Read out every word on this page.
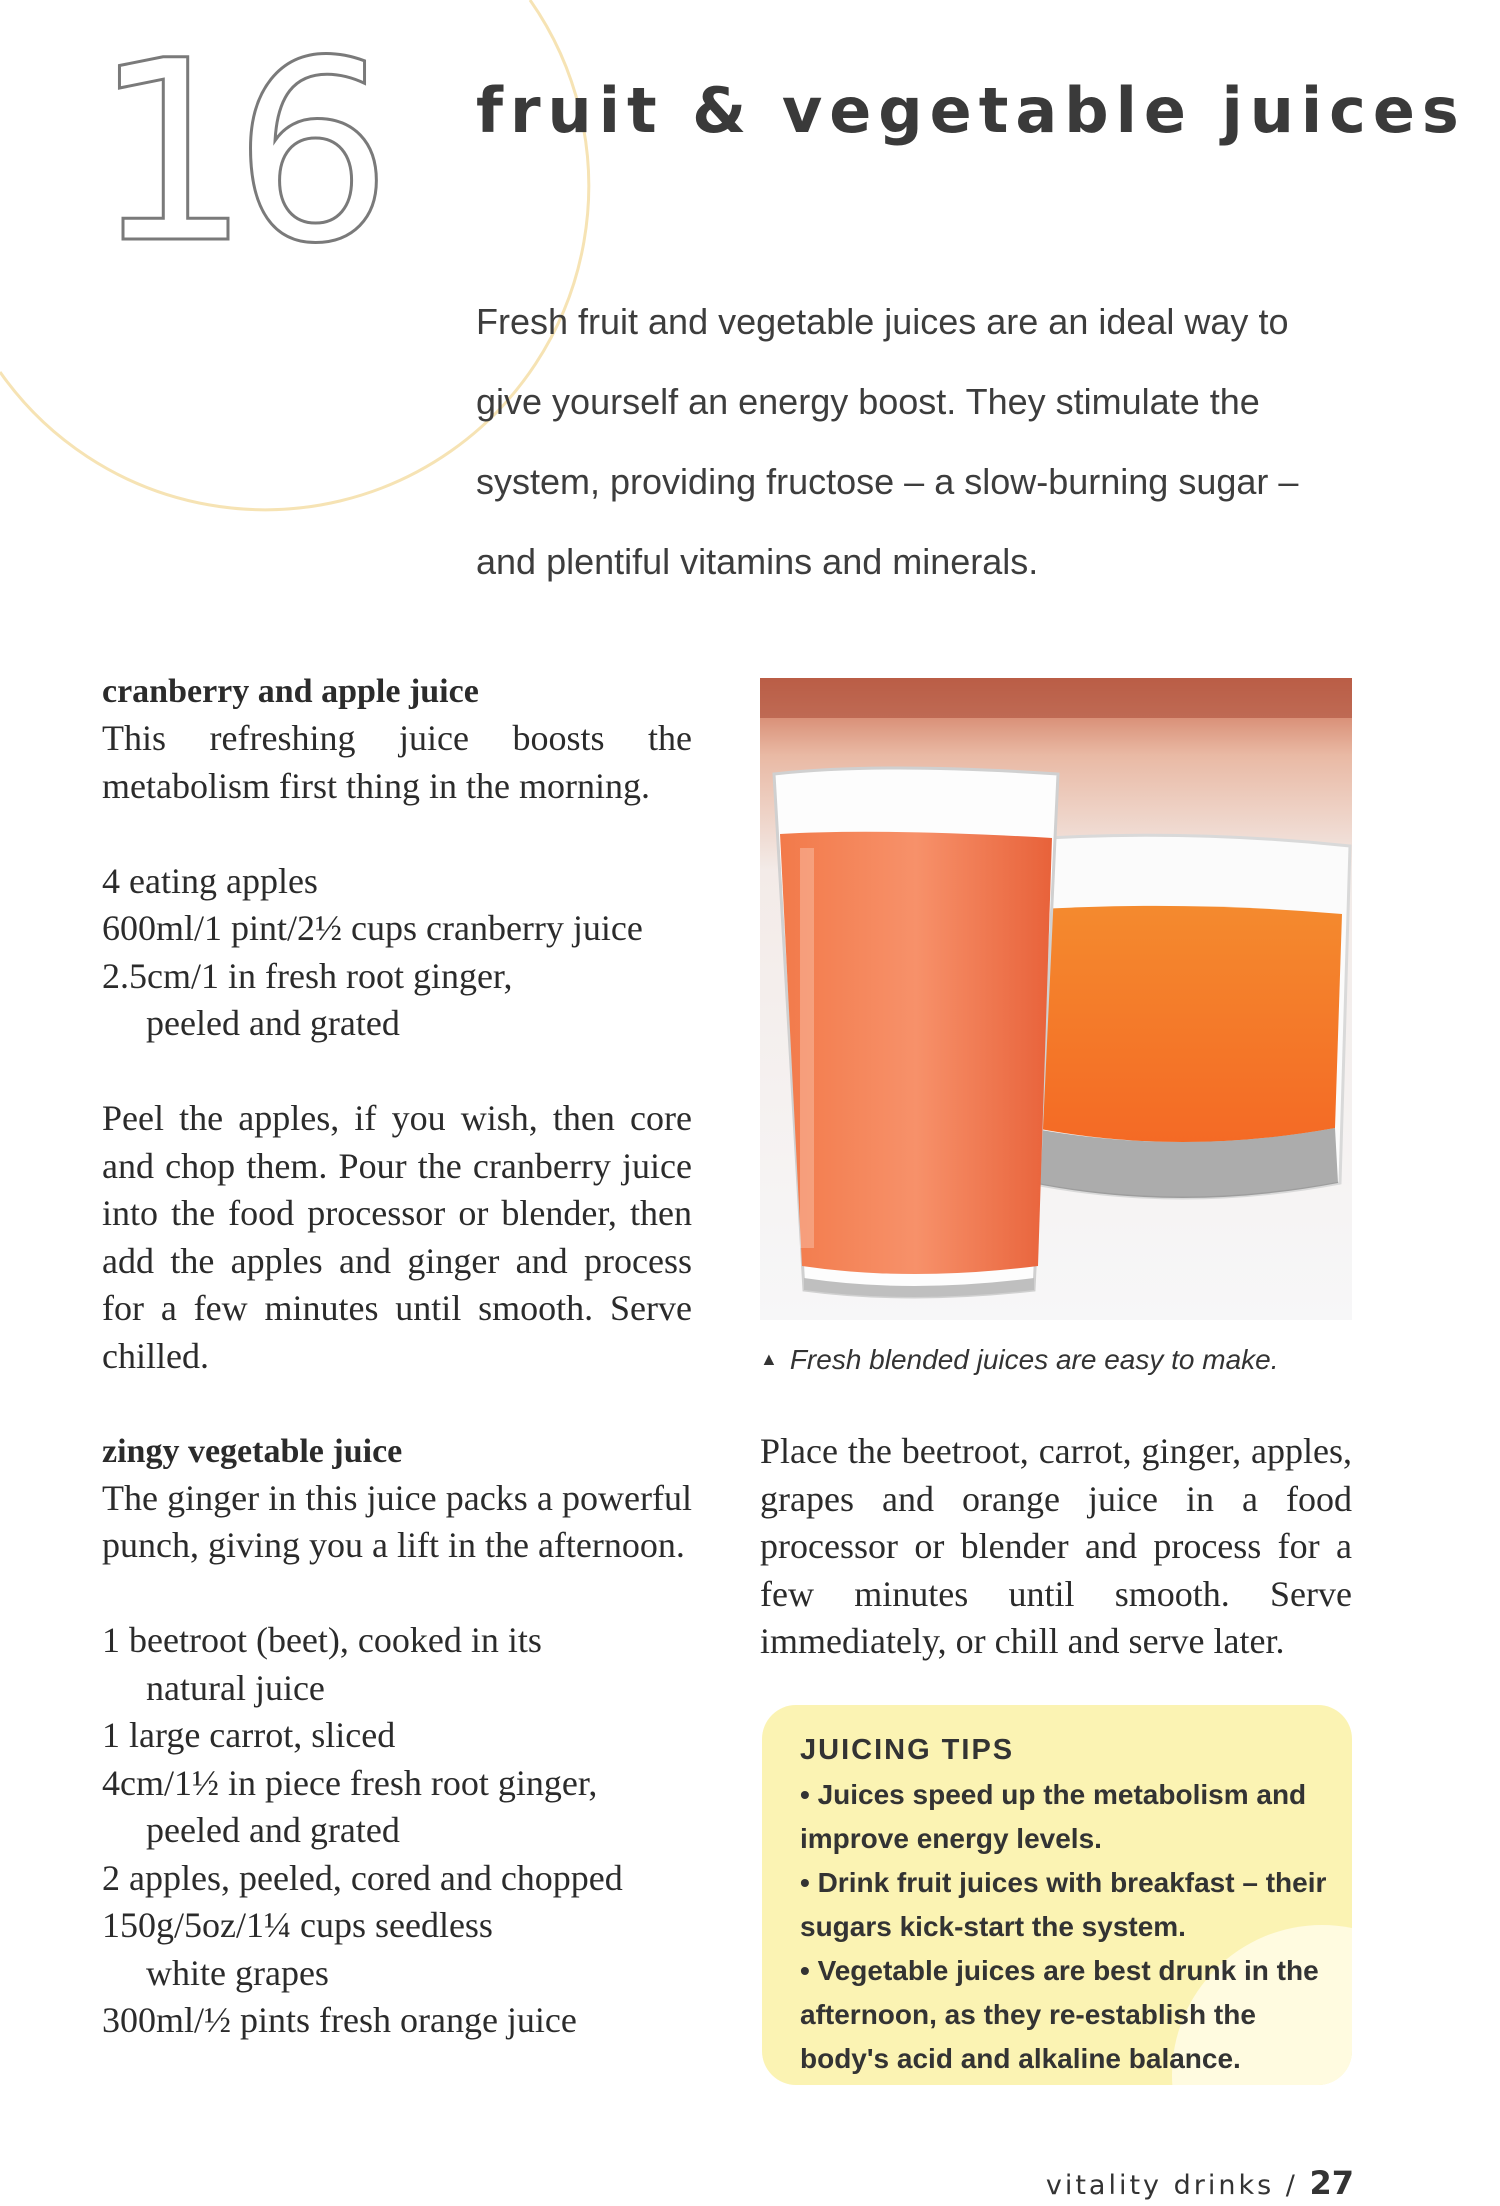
16 fruit & vegetable juices
Fresh fruit and vegetable juices are an ideal way to give yourself an energy boost. They stimulate the system, providing fructose – a slow-burning sugar – and plentiful vitamins and minerals.
cranberry and apple juice

This refreshing juice boosts the metabolism first thing in the morning.

4 eating apples
600ml/1 pint/2½ cups cranberry juice
2.5cm/1 in fresh root ginger,
peeled and grated

Peel the apples, if you wish, then core and chop them. Pour the cranberry juice into the food processor or blender, then add the apples and ginger and process for a few minutes until smooth. Serve chilled.

zingy vegetable juice

The ginger in this juice packs a powerful punch, giving you a lift in the afternoon.

1 beetroot (beet), cooked in its
natural juice
1 large carrot, sliced
4cm/1½ in piece fresh root ginger,
peeled and grated
2 apples, peeled, cored and chopped
150g/5oz/1¼ cups seedless
white grapes
300ml/½ pints fresh orange juice
▲ Fresh blended juices are easy to make.

Place the beetroot, carrot, ginger, apples, grapes and orange juice in a food processor or blender and process for a few minutes until smooth. Serve immediately, or chill and serve later.

JUICING TIPS

• Juices speed up the metabolism and improve energy levels.

• Drink fruit juices with breakfast – their sugars kick-start the system.

• Vegetable juices are best drunk in the afternoon, as they re-establish the body's acid and alkaline balance.

vitality drinks / 27
